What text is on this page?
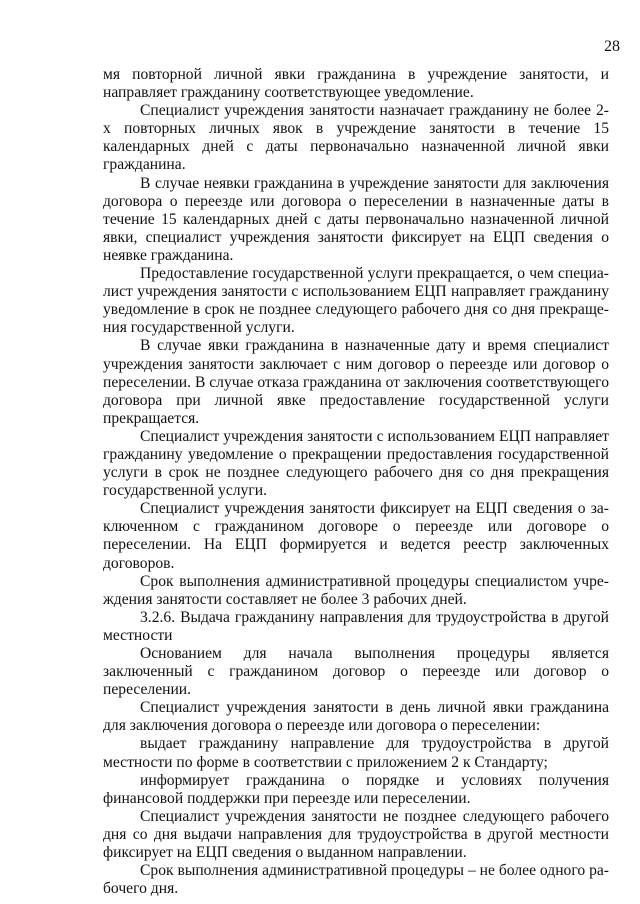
28

мя повторной личной явки гражданина в учреждение занятости, и направляет гражданину соответствующее уведомление.

Специалист учреждения занятости назначает гражданину не более 2-х повторных личных явок в учреждение занятости в течение 15 календарных дней с даты первоначально назначенной личной явки гражданина.

В случае неявки гражданина в учреждение занятости для заключения договора о переезде или договора о переселении в назначенные даты в течение 15 календарных дней с даты первоначально назначенной личной явки, специалист учреждения занятости фиксирует на ЕЦП сведения о неявке гражданина.

Предоставление государственной услуги прекращается, о чем специалист учреждения занятости с использованием ЕЦП направляет гражданину уведомление в срок не позднее следующего рабочего дня со дня прекращения государственной услуги.

В случае явки гражданина в назначенные дату и время специалист учреждения занятости заключает с ним договор о переезде или договор о переселении. В случае отказа гражданина от заключения соответствующего договора при личной явке предоставление государственной услуги прекращается.

Специалист учреждения занятости с использованием ЕЦП направляет гражданину уведомление о прекращении предоставления государственной услуги в срок не позднее следующего рабочего дня со дня прекращения государственной услуги.

Специалист учреждения занятости фиксирует на ЕЦП сведения о заключенном с гражданином договоре о переезде или договоре о переселении. На ЕЦП формируется и ведется реестр заключенных договоров.

Срок выполнения административной процедуры специалистом учреждения занятости составляет не более 3 рабочих дней.

3.2.6. Выдача гражданину направления для трудоустройства в другой местности

Основанием для начала выполнения процедуры является заключенный с гражданином договор о переезде или договор о переселении.

Специалист учреждения занятости в день личной явки гражданина для заключения договора о переезде или договора о переселении:

выдает гражданину направление для трудоустройства в другой местности по форме в соответствии с приложением 2 к Стандарту;

информирует гражданина о порядке и условиях получения финансовой поддержки при переезде или переселении.

Специалист учреждения занятости не позднее следующего рабочего дня со дня выдачи направления для трудоустройства в другой местности фиксирует на ЕЦП сведения о выданном направлении.

Срок выполнения административной процедуры – не более одного рабочего дня.
